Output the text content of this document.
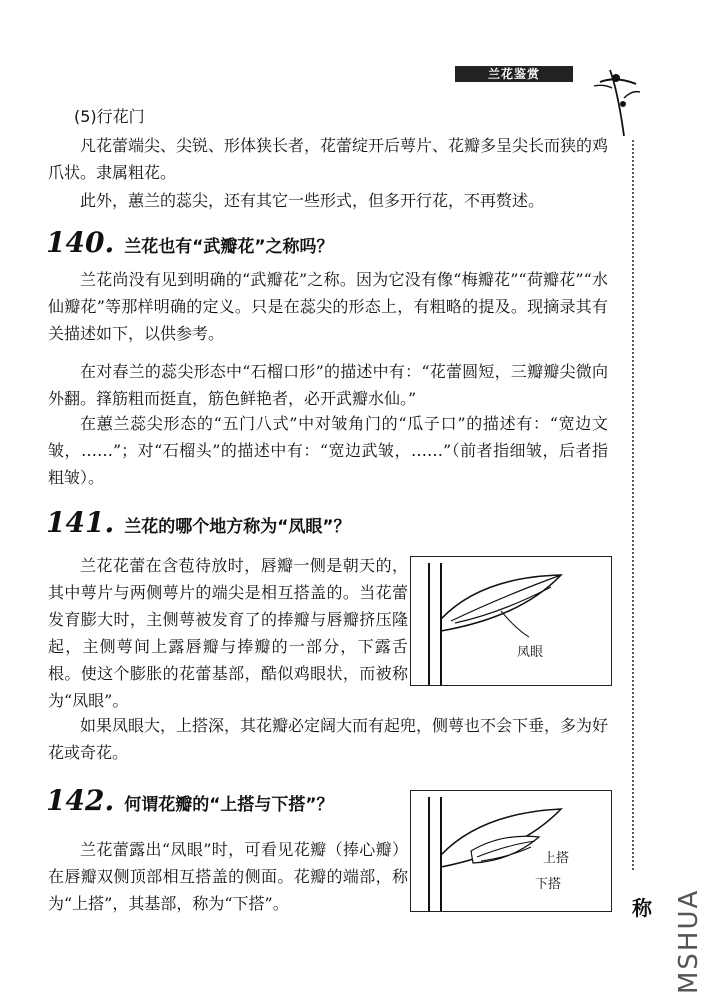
兰花鉴赏
称 MSHUA
(5)行花门
凡花蕾端尖、尖锐、形体狭长者，花蕾绽开后萼片、花瓣多呈尖长而狭的鸡爪状。隶属粗花。
此外，蕙兰的蕊尖，还有其它一些形式，但多开行花，不再赘述。
140. 兰花也有“武瓣花”之称吗？
兰花尚没有见到明确的“武瓣花”之称。因为它没有像“梅瓣花”“荷瓣花”“水仙瓣花”等那样明确的定义。只是在蕊尖的形态上，有粗略的提及。现摘录其有关描述如下，以供参考。
在对春兰的蕊尖形态中“石榴口形”的描述中有：“花蕾圆短，三瓣瓣尖微向外翻。箨筋粗而挺直，筋色鲜艳者，必开武瓣水仙。”
在蕙兰蕊尖形态的“五门八式”中对皱角门的“瓜子口”的描述有：“宽边文皱，……”；对“石榴头”的描述中有：“宽边武皱，……”（前者指细皱，后者指粗皱）。
141. 兰花的哪个地方称为“凤眼”？
兰花花蕾在含苞待放时，唇瓣一侧是朝天的，其中萼片与两侧萼片的端尖是相互搭盖的。当花蕾发育膨大时，主侧萼被发育了的捧瓣与唇瓣挤压隆起，主侧萼间上露唇瓣与捧瓣的一部分，下露舌根。使这个膨胀的花蕾基部，酷似鸡眼状，而被称为“凤眼”。
凤眼
如果凤眼大，上搭深，其花瓣必定阔大而有起兜，侧萼也不会下垂，多为好花或奇花。
142. 何谓花瓣的“上搭与下搭”？
兰花蕾露出“凤眼”时，可看见花瓣（捧心瓣）在唇瓣双侧顶部相互搭盖的侧面。花瓣的端部，称为“上搭”，其基部，称为“下搭”。
上搭
下搭
